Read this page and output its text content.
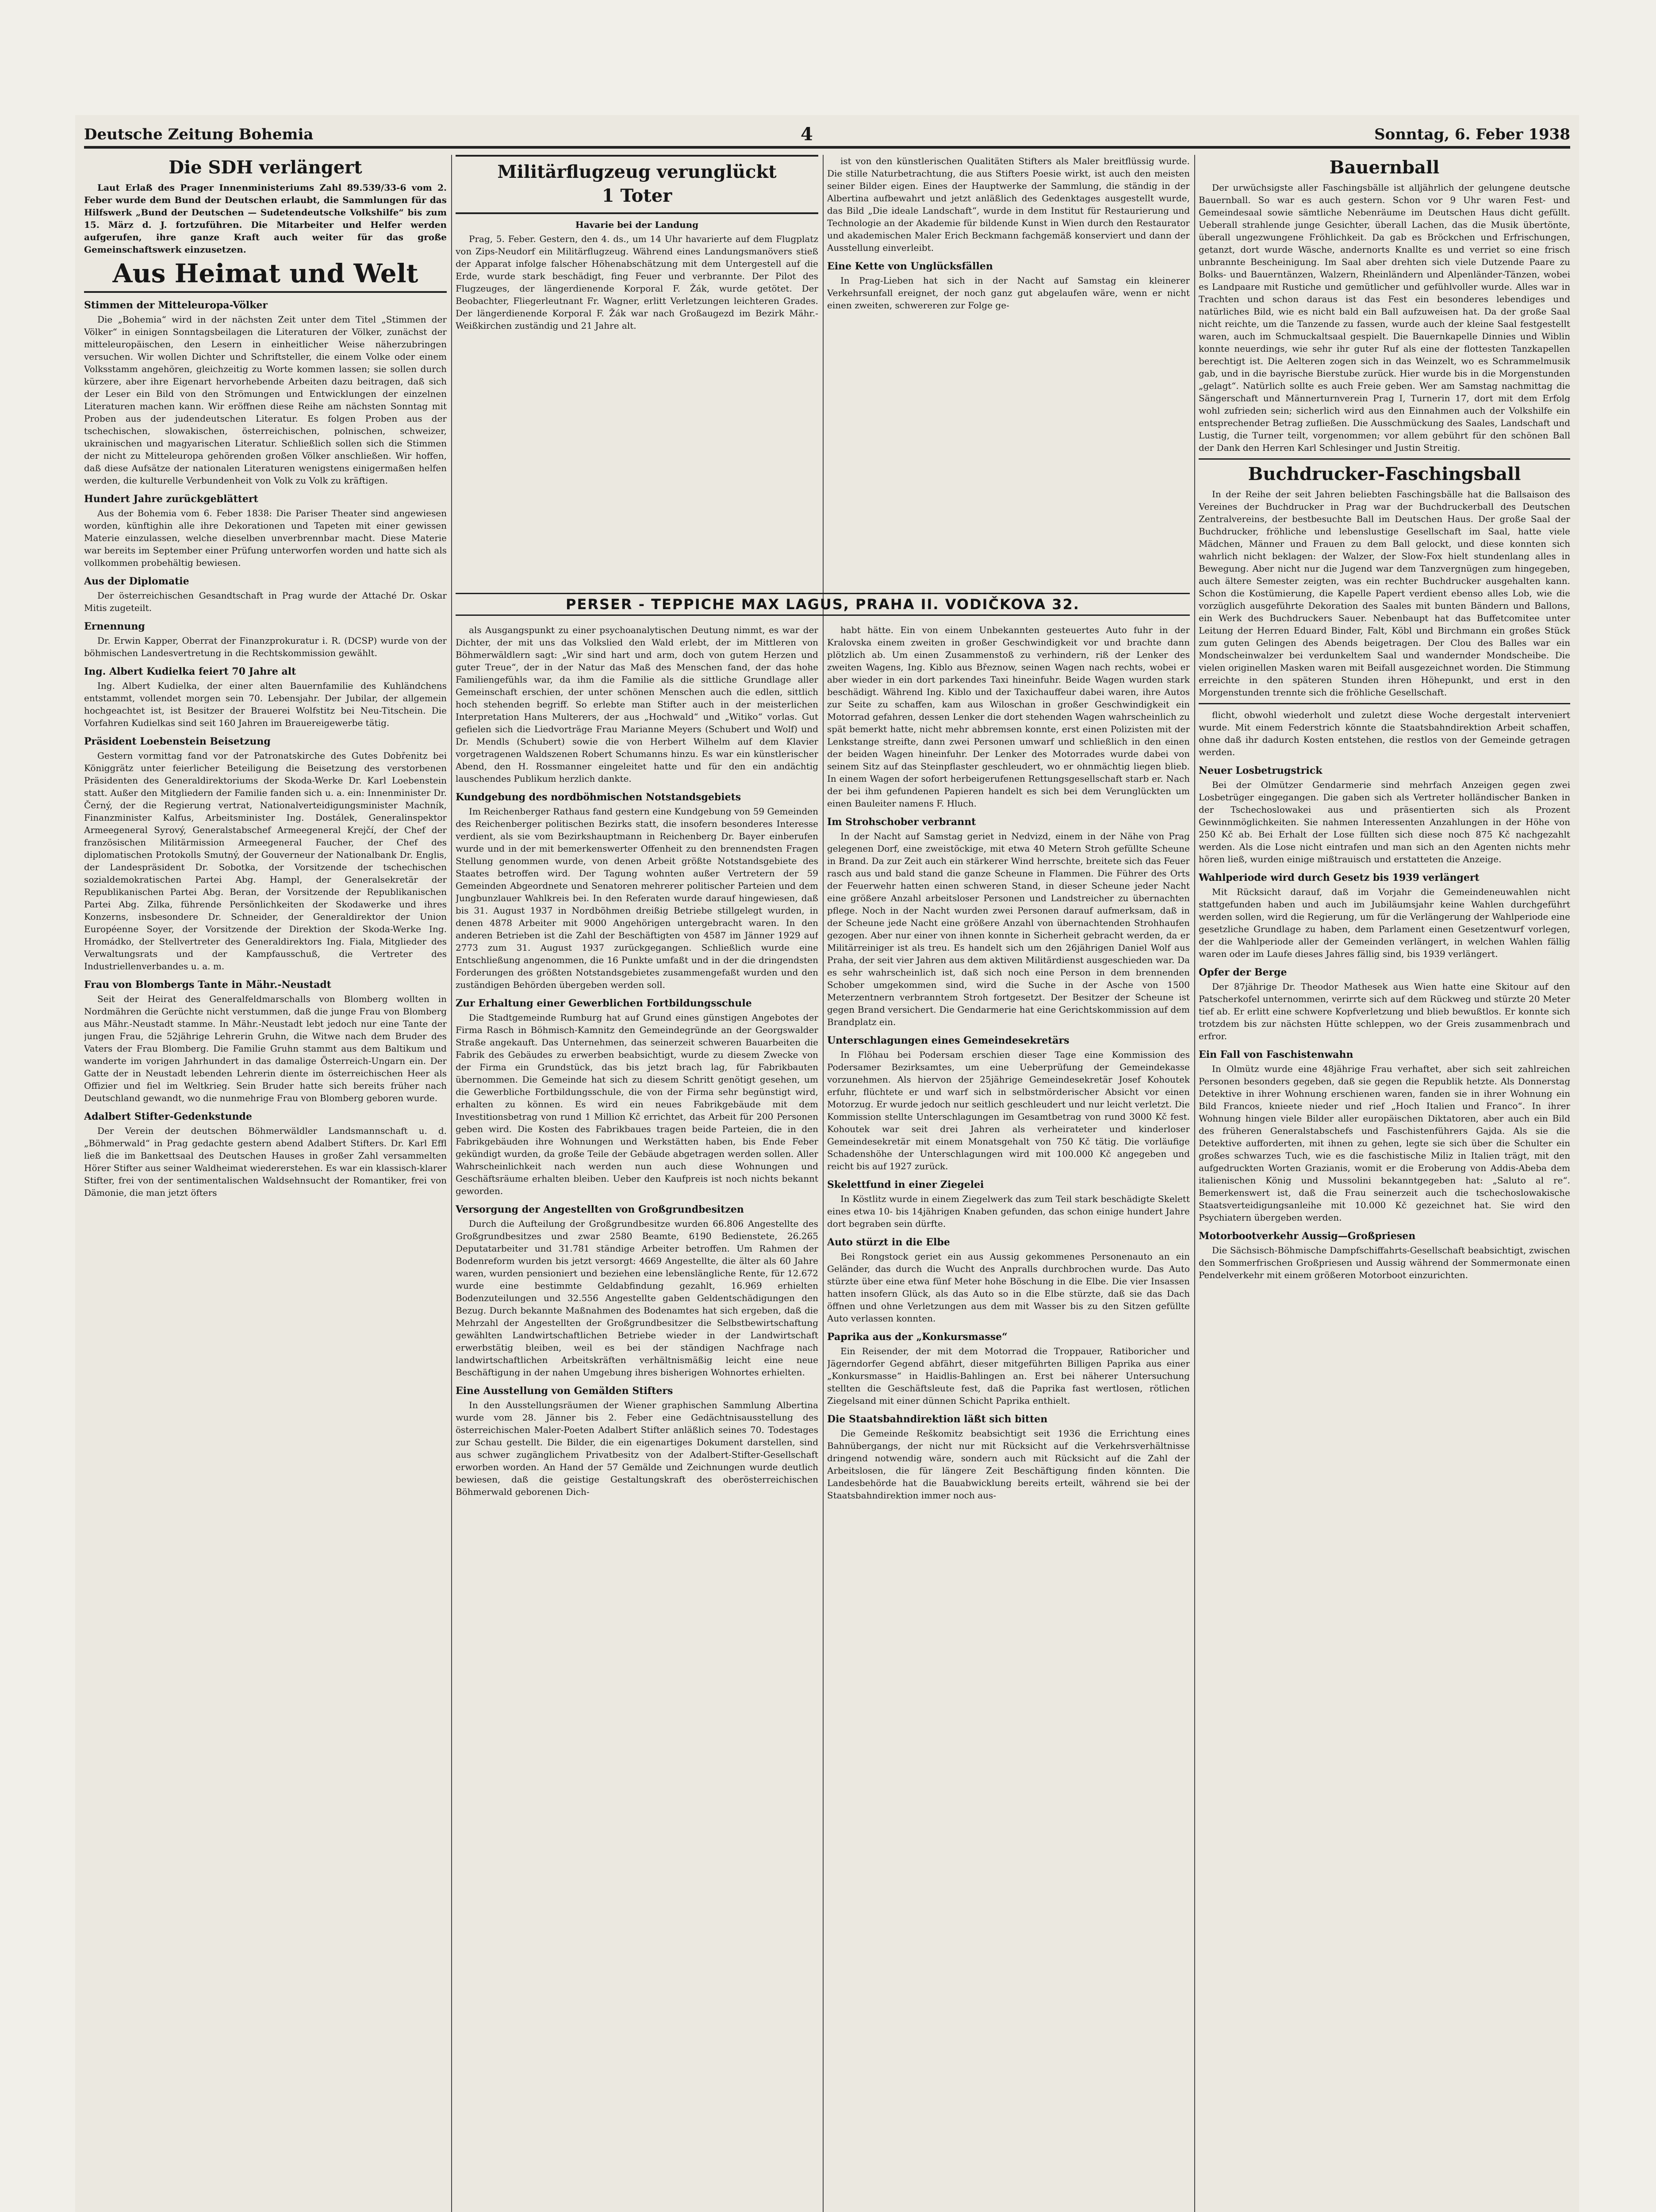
Deutsche Zeitung Bohemia	4	Sonntag, 6. Feber 1938
Die SDH verlängert

Laut Erlaß des Prager Innenministeriums Zahl 89.539/33-6 vom 2. Feber wurde dem Bund der Deutschen erlaubt, die Sammlungen für das Hilfswerk „Bund der Deutschen — Sudetendeutsche Volkshilfe“ bis zum 15. März d. J. fortzuführen. Die Mitarbeiter und Helfer werden aufgerufen, ihre ganze Kraft auch weiter für das große Gemeinschaftswerk einzusetzen.

Aus Heimat und Welt
Stimmen der Mitteleuropa-Völker

Die „Bohemia“ wird in der nächsten Zeit unter dem Titel „Stimmen der Völker“ in einigen Sonntagsbeilagen die Literaturen der Völker, zunächst der mitteleuropäischen, den Lesern in einheitlicher Weise näherzubringen versuchen. Wir wollen Dichter und Schriftsteller, die einem Volke oder einem Volksstamm angehören, gleichzeitig zu Worte kommen lassen; sie sollen durch kürzere, aber ihre Eigenart hervorhebende Arbeiten dazu beitragen, daß sich der Leser ein Bild von den Strömungen und Entwicklungen der einzelnen Literaturen machen kann. Wir eröffnen diese Reihe am nächsten Sonntag mit Proben aus der judendeutschen Literatur. Es folgen Proben aus der tschechischen, slowakischen, österreichischen, polnischen, schweizer, ukrainischen und magyarischen Literatur. Schließlich sollen sich die Stimmen der nicht zu Mitteleuropa gehörenden großen Völker anschließen. Wir hoffen, daß diese Aufsätze der nationalen Literaturen wenigstens einigermaßen helfen werden, die kulturelle Verbundenheit von Volk zu Volk zu kräftigen.

Hundert Jahre zurückgeblättert

Aus der Bohemia vom 6. Feber 1838: Die Pariser Theater sind angewiesen worden, künftighin alle ihre Dekorationen und Tapeten mit einer gewissen Materie einzulassen, welche dieselben unverbrennbar macht. Diese Materie war bereits im September einer Prüfung unterworfen worden und hatte sich als vollkommen probehältig bewiesen.

Aus der Diplomatie

Der österreichischen Gesandtschaft in Prag wurde der Attaché Dr. Oskar Mitis zugeteilt.

Ernennung

Dr. Erwin Kapper, Oberrat der Finanzprokuratur i. R. (DCSP) wurde von der böhmischen Landesvertretung in die Rechtskommission gewählt.

Ing. Albert Kudielka feiert 70 Jahre alt

Ing. Albert Kudielka, der einer alten Bauernfamilie des Kuhländchens entstammt, vollendet morgen sein 70. Lebensjahr. Der Jubilar, der allgemein hochgeachtet ist, ist Besitzer der Brauerei Wolfstitz bei Neu-Titschein. Die Vorfahren Kudielkas sind seit 160 Jahren im Brauereigewerbe tätig.

Präsident Loebenstein Beisetzung

Gestern vormittag fand vor der Patronatskirche des Gutes Dobřenitz bei Königgrätz unter feierlicher Beteiligung die Beisetzung des verstorbenen Präsidenten des Generaldirektoriums der Skoda-Werke Dr. Karl Loebenstein statt. Außer den Mitgliedern der Familie fanden sich u. a. ein: Innenminister Dr. Černý, der die Regierung vertrat, Nationalverteidigungsminister Machník, Finanzminister Kalfus, Arbeitsminister Ing. Dostálek, Generalinspektor Armeegeneral Syrový, Generalstabschef Armeegeneral Krejčí, der Chef der französischen Militärmission Armeegeneral Faucher, der Chef des diplomatischen Protokolls Smutný, der Gouverneur der Nationalbank Dr. Englis, der Landespräsident Dr. Sobotka, der Vorsitzende der tschechischen sozialdemokratischen Partei Abg. Hampl, der Generalsekretär der Republikanischen Partei Abg. Beran, der Vorsitzende der Republikanischen Partei Abg. Zilka, führende Persönlichkeiten der Skodawerke und ihres Konzerns, insbesondere Dr. Schneider, der Generaldirektor der Union Européenne Soyer, der Vorsitzende der Direktion der Skoda-Werke Ing. Hromádko, der Stellvertreter des Generaldirektors Ing. Fiala, Mitglieder des Verwaltungsrats und der Kampfausschuß, die Vertreter des Industriellenverbandes u. a. m.

Frau von Blombergs Tante in Mähr.-Neustadt

Seit der Heirat des Generalfeldmarschalls von Blomberg wollten in Nordmähren die Gerüchte nicht verstummen, daß die junge Frau von Blomberg aus Mähr.-Neustadt stamme. In Mähr.-Neustadt lebt jedoch nur eine Tante der jungen Frau, die 52jährige Lehrerin Gruhn, die Witwe nach dem Bruder des Vaters der Frau Blomberg. Die Familie Gruhn stammt aus dem Baltikum und wanderte im vorigen Jahrhundert in das damalige Österreich-Ungarn ein. Der Gatte der in Neustadt lebenden Lehrerin diente im österreichischen Heer als Offizier und fiel im Weltkrieg. Sein Bruder hatte sich bereits früher nach Deutschland gewandt, wo die nunmehrige Frau von Blomberg geboren wurde.

Adalbert Stifter-Gedenkstunde

Der Verein der deutschen Böhmerwäldler Landsmannschaft u. d. „Böhmerwald“ in Prag gedachte gestern abend Adalbert Stifters. Dr. Karl Effl ließ die im Bankettsaal des Deutschen Hauses in großer Zahl versammelten Hörer Stifter aus seiner Waldheimat wiedererstehen. Es war ein klassisch-klarer Stifter, frei von der sentimentalischen Waldsehnsucht der Romantiker, frei von Dämonie, die man jetzt öfters

Militärflugzeug verunglückt
1 Toter
Havarie bei der Landung

Prag, 5. Feber. Gestern, den 4. ds., um 14 Uhr havarierte auf dem Flugplatz von Zips-Neudorf ein Militärflugzeug. Während eines Landungsmanövers stieß der Apparat infolge falscher Höhenabschätzung mit dem Untergestell auf die Erde, wurde stark beschädigt, fing Feuer und verbrannte. Der Pilot des Flugzeuges, der längerdienende Korporal F. Žák, wurde getötet. Der Beobachter, Fliegerleutnant Fr. Wagner, erlitt Verletzungen leichteren Grades. Der längerdienende Korporal F. Žák war nach Großaugezd im Bezirk Mähr.-Weißkirchen zuständig und 21 Jahre alt.

ist von den künstlerischen Qualitäten Stifters als Maler breitflüssig wurde. Die stille Naturbetrachtung, die aus Stifters Poesie wirkt, ist auch den meisten seiner Bilder eigen. Eines der Hauptwerke der Sammlung, die ständig in der Albertina aufbewahrt und jetzt anläßlich des Gedenktages ausgestellt wurde, das Bild „Die ideale Landschaft“, wurde in dem Institut für Restaurierung und Technologie an der Akademie für bildende Kunst in Wien durch den Restaurator und akademischen Maler Erich Beckmann fachgemäß konserviert und dann der Ausstellung einverleibt.

Eine Kette von Unglücksfällen

In Prag-Lieben hat sich in der Nacht auf Samstag ein kleinerer Verkehrsunfall ereignet, der noch ganz gut abgelaufen wäre, wenn er nicht einen zweiten, schwereren zur Folge ge-

PERSER - TEPPICHE MAX LAGUS, PRAHA II. VODIČKOVA 32.

als Ausgangspunkt zu einer psychoanalytischen Deutung nimmt, es war der Dichter, der mit uns das Volkslied den Wald erlebt, der im Mittleren von Böhmerwäldlern sagt: „Wir sind hart und arm, doch von gutem Herzen und guter Treue“, der in der Natur das Maß des Menschen fand, der das hohe Familiengefühls war, da ihm die Familie als die sittliche Grundlage aller Gemeinschaft erschien, der unter schönen Menschen auch die edlen, sittlich hoch stehenden begriff. So erlebte man Stifter auch in der meisterlichen Interpretation Hans Multerers, der aus „Hochwald“ und „Witiko“ vorlas. Gut gefielen sich die Liedvorträge Frau Marianne Meyers (Schubert und Wolf) und Dr. Mendls (Schubert) sowie die von Herbert Wilhelm auf dem Klavier vorgetragenen Waldszenen Robert Schumanns hinzu. Es war ein künstlerischer Abend, den H. Rossmanner eingeleitet hatte und für den ein andächtig lauschendes Publikum herzlich dankte.

Kundgebung des nordböhmischen Notstandsgebiets

Im Reichenberger Rathaus fand gestern eine Kundgebung von 59 Gemeinden des Reichenberger politischen Bezirks statt, die insofern besonderes Interesse verdient, als sie vom Bezirkshauptmann in Reichenberg Dr. Bayer einberufen wurde und in der mit bemerkenswerter Offenheit zu den brennendsten Fragen Stellung genommen wurde, von denen Arbeit größte Notstandsgebiete des Staates betroffen wird. Der Tagung wohnten außer Vertretern der 59 Gemeinden Abgeordnete und Senatoren mehrerer politischer Parteien und dem Jungbunzlauer Wahlkreis bei. In den Referaten wurde darauf hingewiesen, daß bis 31. August 1937 in Nordböhmen dreißig Betriebe stillgelegt wurden, in denen 4878 Arbeiter mit 9000 Angehörigen untergebracht waren. In den anderen Betrieben ist die Zahl der Beschäftigten von 4587 im Jänner 1929 auf 2773 zum 31. August 1937 zurückgegangen. Schließlich wurde eine Entschließung angenommen, die 16 Punkte umfaßt und in der die dringendsten Forderungen des größten Notstandsgebietes zusammengefaßt wurden und den zuständigen Behörden übergeben werden soll.

Zur Erhaltung einer Gewerblichen Fortbildungsschule

Die Stadtgemeinde Rumburg hat auf Grund eines günstigen Angebotes der Firma Rasch in Böhmisch-Kamnitz den Gemeindegründe an der Georgswalder Straße angekauft. Das Unternehmen, das seinerzeit schweren Bauarbeiten die Fabrik des Gebäudes zu erwerben beabsichtigt, wurde zu diesem Zwecke von der Firma ein Grundstück, das bis jetzt brach lag, für Fabrikbauten übernommen. Die Gemeinde hat sich zu diesem Schritt genötigt gesehen, um die Gewerbliche Fortbildungsschule, die von der Firma sehr begünstigt wird, erhalten zu können. Es wird ein neues Fabrikgebäude mit dem Investitionsbetrag von rund 1 Million Kč errichtet, das Arbeit für 200 Personen geben wird. Die Kosten des Fabrikbaues tragen beide Parteien, die in den Fabrikgebäuden ihre Wohnungen und Werkstätten haben, bis Ende Feber gekündigt wurden, da große Teile der Gebäude abgetragen werden sollen. Aller Wahrscheinlichkeit nach werden nun auch diese Wohnungen und Geschäftsräume erhalten bleiben. Ueber den Kaufpreis ist noch nichts bekannt geworden.

Versorgung der Angestellten von Großgrundbesitzen

Durch die Aufteilung der Großgrundbesitze wurden 66.806 Angestellte des Großgrundbesitzes und zwar 2580 Beamte, 6190 Bedienstete, 26.265 Deputatarbeiter und 31.781 ständige Arbeiter betroffen. Um Rahmen der Bodenreform wurden bis jetzt versorgt: 4669 Angestellte, die älter als 60 Jahre waren, wurden pensioniert und beziehen eine lebenslängliche Rente, für 12.672 wurde eine bestimmte Geldabfindung gezahlt, 16.969 erhielten Bodenzuteilungen und 32.556 Angestellte gaben Geldentschädigungen den Bezug. Durch bekannte Maßnahmen des Bodenamtes hat sich ergeben, daß die Mehrzahl der Angestellten der Großgrundbesitzer die Selbstbewirtschaftung gewählten Landwirtschaftlichen Betriebe wieder in der Landwirtschaft erwerbstätig bleiben, weil es bei der ständigen Nachfrage nach landwirtschaftlichen Arbeitskräften verhältnismäßig leicht eine neue Beschäftigung in der nahen Umgebung ihres bisherigen Wohnortes erhielten.

Eine Ausstellung von Gemälden Stifters

In den Ausstellungsräumen der Wiener graphischen Sammlung Albertina wurde vom 28. Jänner bis 2. Feber eine Gedächtnisausstellung des österreichischen Maler-Poeten Adalbert Stifter anläßlich seines 70. Todestages zur Schau gestellt. Die Bilder, die ein eigenartiges Dokument darstellen, sind aus schwer zugänglichem Privatbesitz von der Adalbert-Stifter-Gesellschaft erworben worden. An Hand der 57 Gemälde und Zeichnungen wurde deutlich bewiesen, daß die geistige Gestaltungskraft des oberösterreichischen Böhmerwald geborenen Dich-

habt hätte. Ein von einem Unbekannten gesteuertes Auto fuhr in der Kralovska einem zweiten in großer Geschwindigkeit vor und brachte dann plötzlich ab. Um einen Zusammenstoß zu verhindern, riß der Lenker des zweiten Wagens, Ing. Kiblo aus Březnow, seinen Wagen nach rechts, wobei er aber wieder in ein dort parkendes Taxi hineinfuhr. Beide Wagen wurden stark beschädigt. Während Ing. Kiblo und der Taxichauffeur dabei waren, ihre Autos zur Seite zu schaffen, kam aus Wiloschan in großer Geschwindigkeit ein Motorrad gefahren, dessen Lenker die dort stehenden Wagen wahrscheinlich zu spät bemerkt hatte, nicht mehr abbremsen konnte, erst einen Polizisten mit der Lenkstange streifte, dann zwei Personen umwarf und schließlich in den einen der beiden Wagen hineinfuhr. Der Lenker des Motorrades wurde dabei von seinem Sitz auf das Steinpflaster geschleudert, wo er ohnmächtig liegen blieb. In einem Wagen der sofort herbeigerufenen Rettungsgesellschaft starb er. Nach der bei ihm gefundenen Papieren handelt es sich bei dem Verunglückten um einen Bauleiter namens F. Hluch.

Im Strohschober verbrannt

In der Nacht auf Samstag geriet in Nedvizd, einem in der Nähe von Prag gelegenen Dorf, eine zweistöckige, mit etwa 40 Metern Stroh gefüllte Scheune in Brand. Da zur Zeit auch ein stärkerer Wind herrschte, breitete sich das Feuer rasch aus und bald stand die ganze Scheune in Flammen. Die Führer des Orts der Feuerwehr hatten einen schweren Stand, in dieser Scheune jeder Nacht eine größere Anzahl arbeitsloser Personen und Landstreicher zu übernachten pflege. Noch in der Nacht wurden zwei Personen darauf aufmerksam, daß in der Scheune jede Nacht eine größere Anzahl von übernachtenden Strohhaufen gezogen. Aber nur einer von ihnen konnte in Sicherheit gebracht werden, da er Militärreiniger ist als treu. Es handelt sich um den 26jährigen Daniel Wolf aus Praha, der seit vier Jahren aus dem aktiven Militärdienst ausgeschieden war. Da es sehr wahrscheinlich ist, daß sich noch eine Person in dem brennenden Schober umgekommen sind, wird die Suche in der Asche von 1500 Meterzentnern verbranntem Stroh fortgesetzt. Der Besitzer der Scheune ist gegen Brand versichert. Die Gendarmerie hat eine Gerichtskommission auf dem Brandplatz ein.

Unterschlagungen eines Gemeindesekretärs

In Flöhau bei Podersam erschien dieser Tage eine Kommission des Podersamer Bezirksamtes, um eine Ueberprüfung der Gemeindekasse vorzunehmen. Als hiervon der 25jährige Gemeindesekretär Josef Kohoutek erfuhr, flüchtete er und warf sich in selbstmörderischer Absicht vor einen Motorzug. Er wurde jedoch nur seitlich geschleudert und nur leicht verletzt. Die Kommission stellte Unterschlagungen im Gesamtbetrag von rund 3000 Kč fest. Kohoutek war seit drei Jahren als verheirateter und kinderloser Gemeindesekretär mit einem Monatsgehalt von 750 Kč tätig. Die vorläufige Schadenshöhe der Unterschlagungen wird mit 100.000 Kč angegeben und reicht bis auf 1927 zurück.

Skelettfund in einer Ziegelei

In Köstlitz wurde in einem Ziegelwerk das zum Teil stark beschädigte Skelett eines etwa 10- bis 14jährigen Knaben gefunden, das schon einige hundert Jahre dort begraben sein dürfte.

Auto stürzt in die Elbe

Bei Rongstock geriet ein aus Aussig gekommenes Personenauto an ein Geländer, das durch die Wucht des Anpralls durchbrochen wurde. Das Auto stürzte über eine etwa fünf Meter hohe Böschung in die Elbe. Die vier Insassen hatten insofern Glück, als das Auto so in die Elbe stürzte, daß sie das Dach öffnen und ohne Verletzungen aus dem mit Wasser bis zu den Sitzen gefüllte Auto verlassen konnten.

Paprika aus der „Konkursmasse“

Ein Reisender, der mit dem Motorrad die Troppauer, Ratiboricher und Jägerndorfer Gegend abfährt, dieser mitgeführten Billigen Paprika aus einer „Konkursmasse“ in Haidlis-Bahlingen an. Erst bei näherer Untersuchung stellten die Geschäftsleute fest, daß die Paprika fast wertlosen, rötlichen Ziegelsand mit einer dünnen Schicht Paprika enthielt.

Die Staatsbahndirektion läßt sich bitten

Die Gemeinde Reškomitz beabsichtigt seit 1936 die Errichtung eines Bahnübergangs, der nicht nur mit Rücksicht auf die Verkehrsverhältnisse dringend notwendig wäre, sondern auch mit Rücksicht auf die Zahl der Arbeitslosen, die für längere Zeit Beschäftigung finden könnten. Die Landesbehörde hat die Bauabwicklung bereits erteilt, während sie bei der Staatsbahndirektion immer noch aus-

Bauernball

Der urwüchsigste aller Faschingsbälle ist alljährlich der gelungene deutsche Bauernball. So war es auch gestern. Schon vor 9 Uhr waren Fest- und Gemeindesaal sowie sämtliche Nebenräume im Deutschen Haus dicht gefüllt. Ueberall strahlende junge Gesichter, überall Lachen, das die Musik übertönte, überall ungezwungene Fröhlichkeit. Da gab es Bröckchen und Erfrischungen, getanzt, dort wurde Wäsche, andernorts Knallte es und verriet so eine frisch unbrannte Bescheinigung. Im Saal aber drehten sich viele Dutzende Paare zu Bolks- und Bauerntänzen, Walzern, Rheinländern und Alpenländer-Tänzen, wobei es Landpaare mit Rustiche und gemütlicher und gefühlvoller wurde. Alles war in Trachten und schon daraus ist das Fest ein besonderes lebendiges und natürliches Bild, wie es nicht bald ein Ball aufzuweisen hat. Da der große Saal nicht reichte, um die Tanzende zu fassen, wurde auch der kleine Saal festgestellt waren, auch im Schmuckaltsaal gespielt. Die Bauernkapelle Dinnies und Wiblin konnte neuerdings, wie sehr ihr guter Ruf als eine der flottesten Tanzkapellen berechtigt ist. Die Aelteren zogen sich in das Weinzelt, wo es Schrammelmusik gab, und in die bayrische Bierstube zurück. Hier wurde bis in die Morgenstunden „gelagt“. Natürlich sollte es auch Freie geben. Wer am Samstag nachmittag die Sängerschaft und Männerturnverein Prag I, Turnerin 17, dort mit dem Erfolg wohl zufrieden sein; sicherlich wird aus den Einnahmen auch der Volkshilfe ein entsprechender Betrag zufließen. Die Ausschmückung des Saales, Landschaft und Lustig, die Turner teilt, vorgenommen; vor allem gebührt für den schönen Ball der Dank den Herren Karl Schlesinger und Justin Streitig.

Buchdrucker-Faschingsball

In der Reihe der seit Jahren beliebten Faschingsbälle hat die Ballsaison des Vereines der Buchdrucker in Prag war der Buchdruckerball des Deutschen Zentralvereins, der bestbesuchte Ball im Deutschen Haus. Der große Saal der Buchdrucker, fröhliche und lebenslustige Gesellschaft im Saal, hatte viele Mädchen, Männer und Frauen zu dem Ball gelockt, und diese konnten sich wahrlich nicht beklagen: der Walzer, der Slow-Fox hielt stundenlang alles in Bewegung. Aber nicht nur die Jugend war dem Tanzvergnügen zum hingegeben, auch ältere Semester zeigten, was ein rechter Buchdrucker ausgehalten kann. Schon die Kostümierung, die Kapelle Papert verdient ebenso alles Lob, wie die vorzüglich ausgeführte Dekoration des Saales mit bunten Bändern und Ballons, ein Werk des Buchdruckers Sauer. Nebenbaupt hat das Buffetcomitee unter Leitung der Herren Eduard Binder, Falt, Köbl und Birchmann ein großes Stück zum guten Gelingen des Abends beigetragen. Der Clou des Balles war ein Mondscheinwalzer bei verdunkeltem Saal und wandernder Mondscheibe. Die vielen originellen Masken waren mit Beifall ausgezeichnet worden. Die Stimmung erreichte in den späteren Stunden ihren Höhepunkt, und erst in den Morgenstunden trennte sich die fröhliche Gesellschaft.

flicht, obwohl wiederholt und zuletzt diese Woche dergestalt interveniert wurde. Mit einem Federstrich könnte die Staatsbahndirektion Arbeit schaffen, ohne daß ihr dadurch Kosten entstehen, die restlos von der Gemeinde getragen werden.

Neuer Losbetrugstrick

Bei der Olmützer Gendarmerie sind mehrfach Anzeigen gegen zwei Losbetrüger eingegangen. Die gaben sich als Vertreter holländischer Banken in der Tschechoslowakei aus und präsentierten sich als Prozent Gewinnmöglichkeiten. Sie nahmen Interessenten Anzahlungen in der Höhe von 250 Kč ab. Bei Erhalt der Lose füllten sich diese noch 875 Kč nachgezahlt werden. Als die Lose nicht eintrafen und man sich an den Agenten nichts mehr hören ließ, wurden einige mißtrauisch und erstatteten die Anzeige.

Wahlperiode wird durch Gesetz bis 1939 verlängert

Mit Rücksicht darauf, daß im Vorjahr die Gemeindeneuwahlen nicht stattgefunden haben und auch im Jubiläumsjahr keine Wahlen durchgeführt werden sollen, wird die Regierung, um für die Verlängerung der Wahlperiode eine gesetzliche Grundlage zu haben, dem Parlament einen Gesetzentwurf vorlegen, der die Wahlperiode aller der Gemeinden verlängert, in welchen Wahlen fällig waren oder im Laufe dieses Jahres fällig sind, bis 1939 verlängert.

Opfer der Berge

Der 87jährige Dr. Theodor Mathesek aus Wien hatte eine Skitour auf den Patscherkofel unternommen, verirrte sich auf dem Rückweg und stürzte 20 Meter tief ab. Er erlitt eine schwere Kopfverletzung und blieb bewußtlos. Er konnte sich trotzdem bis zur nächsten Hütte schleppen, wo der Greis zusammenbrach und erfror.

Ein Fall von Faschistenwahn

In Olmütz wurde eine 48jährige Frau verhaftet, aber sich seit zahlreichen Personen besonders gegeben, daß sie gegen die Republik hetzte. Als Donnerstag Detektive in ihrer Wohnung erschienen waren, fanden sie in ihrer Wohnung ein Bild Francos, knieete nieder und rief „Hoch Italien und Franco“. In ihrer Wohnung hingen viele Bilder aller europäischen Diktatoren, aber auch ein Bild des früheren Generalstabschefs und Faschistenführers Gajda. Als sie die Detektive aufforderten, mit ihnen zu gehen, legte sie sich über die Schulter ein großes schwarzes Tuch, wie es die faschistische Miliz in Italien trägt, mit den aufgedruckten Worten Grazianis, womit er die Eroberung von Addis-Abeba dem italienischen König und Mussolini bekanntgegeben hat: „Saluto al re“. Bemerkenswert ist, daß die Frau seinerzeit auch die tschechoslowakische Staatsverteidigungsanleihe mit 10.000 Kč gezeichnet hat. Sie wird den Psychiatern übergeben werden.

Motorbootverkehr Aussig—Großpriesen

Die Sächsisch-Böhmische Dampfschiffahrts-Gesellschaft beabsichtigt, zwischen den Sommerfrischen Großpriesen und Aussig während der Sommermonate einen Pendelverkehr mit einem größeren Motorboot einzurichten.
